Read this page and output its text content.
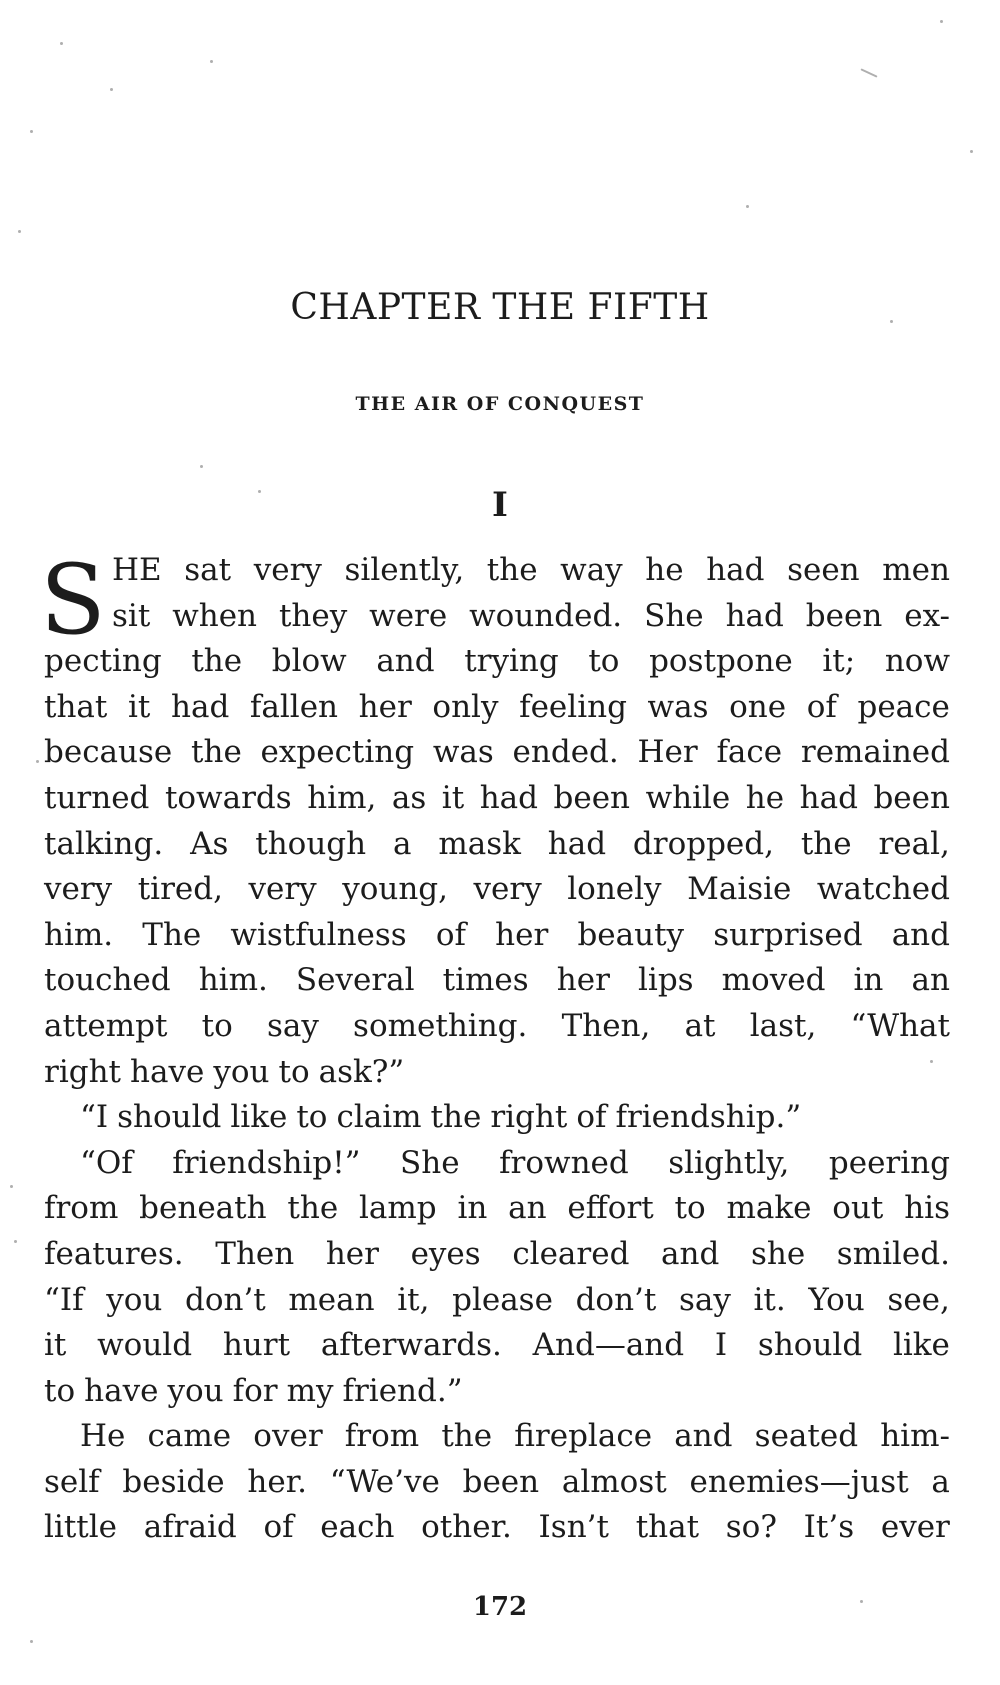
CHAPTER THE FIFTH
THE AIR OF CONQUEST
I
S HE sat very silently, the way he had seen men
sit when they were wounded. She had been ex-
pecting the blow and trying to postpone it; now
that it had fallen her only feeling was one of peace
because the expecting was ended. Her face remained
turned towards him, as it had been while he had been
talking. As though a mask had dropped, the real,
very tired, very young, very lonely Maisie watched
him. The wistfulness of her beauty surprised and
touched him. Several times her lips moved in an
attempt to say something. Then, at last, “What
right have you to ask?”
“I should like to claim the right of friendship.”
“Of friendship!” She frowned slightly, peering
from beneath the lamp in an effort to make out his
features. Then her eyes cleared and she smiled.
“If you don’t mean it, please don’t say it. You see,
it would hurt afterwards. And—and I should like
to have you for my friend.”
He came over from the fireplace and seated him-
self beside her. “We’ve been almost enemies—just a
little afraid of each other. Isn’t that so? It’s ever
172
